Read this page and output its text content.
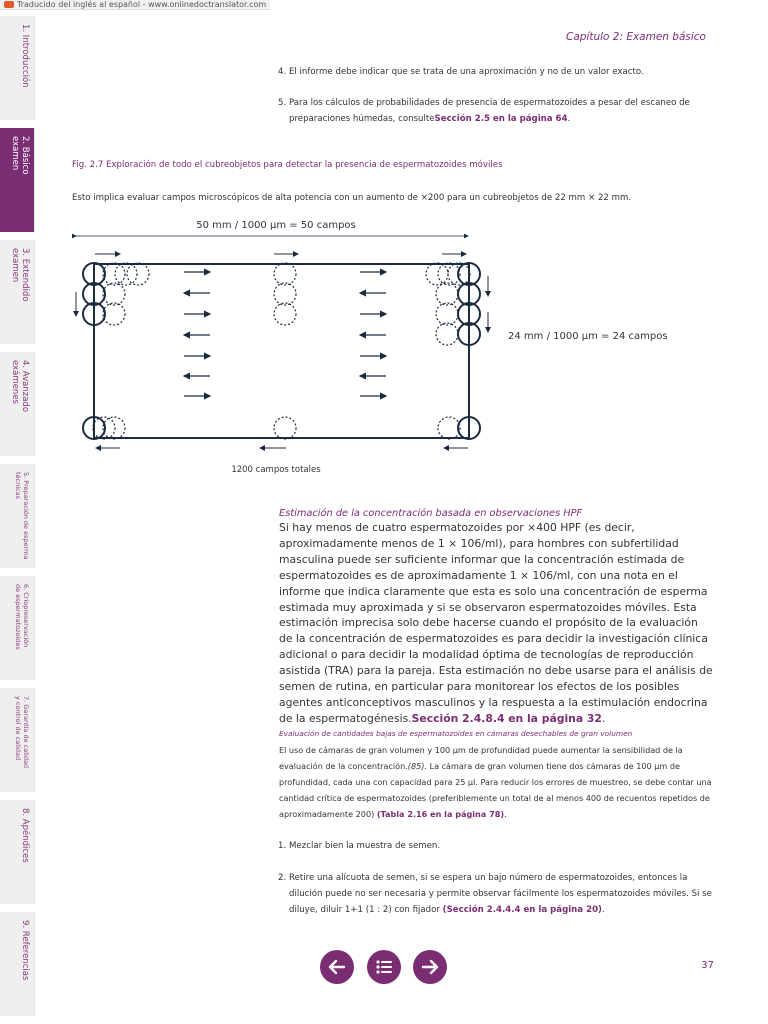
Traducido del inglés al español - www.onlinedoctranslator.com
1. Introducción
2. Básico
examen
3. Extendido
examen
4. Avanzado
exámenes
5. Preparación de esperma
técnicas
6. Criopreservación
de espermatozoides
7. Garantía de calidad
y control de calidad
8. Apéndices
9. Referencias
Capítulo 2: Examen básico
4. El informe debe indicar que se trata de una aproximación y no de un valor exacto.
5. Para los cálculos de probabilidades de presencia de espermatozoides a pesar del escaneo de preparaciones húmedas, consulteSección 2.5 en la página 64.
Fig. 2.7 Exploración de todo el cubreobjetos para detectar la presencia de espermatozoides móviles
Esto implica evaluar campos microscópicos de alta potencia con un aumento de ×200 para un cubreobjetos de 22 mm × 22 mm.
50 mm / 1000 µm = 50 campos
24 mm / 1000 µm = 24 campos
1200 campos totales
Estimación de la concentración basada en observaciones HPF
Si hay menos de cuatro espermatozoides por ×400 HPF (es decir, aproximadamente menos de 1 × 106/ml), para hombres con subfertilidad masculina puede ser suficiente informar que la concentración estimada de espermatozoides es de aproximadamente 1 × 106/ml, con una nota en el informe que indica claramente que esta es solo una concentración de esperma estimada muy aproximada y si se observaron espermatozoides móviles. Esta estimación imprecisa solo debe hacerse cuando el propósito de la evaluación de la concentración de espermatozoides es para decidir la investigación clínica adicional o para decidir la modalidad óptima de tecnologías de reproducción asistida (TRA) para la pareja. Esta estimación no debe usarse para el análisis de semen de rutina, en particular para monitorear los efectos de los posibles agentes anticonceptivos masculinos y la respuesta a la estimulación endocrina de la espermatogénesis.Sección 2.4.8.4 en la página 32.
Evaluación de cantidades bajas de espermatozoides en cámaras desechables de gran volumen
El uso de cámaras de gran volumen y 100 µm de profundidad puede aumentar la sensibilidad de la evaluación de la concentración.(85). La cámara de gran volumen tiene dos cámaras de 100 µm de profundidad, cada una con capacidad para 25 µl. Para reducir los errores de muestreo, se debe contar una cantidad crítica de espermatozoides (preferiblemente un total de al menos 400 de recuentos repetidos de aproximadamente 200) (Tabla 2.16 en la página 78).
1. Mezclar bien la muestra de semen.
2. Retire una alícuota de semen, si se espera un bajo número de espermatozoides, entonces la dilución puede no ser necesaria y permite observar fácilmente los espermatozoides móviles. Si se diluye, diluir 1+1 (1 : 2) con fijador (Sección 2.4.4.4 en la página 20).
37
